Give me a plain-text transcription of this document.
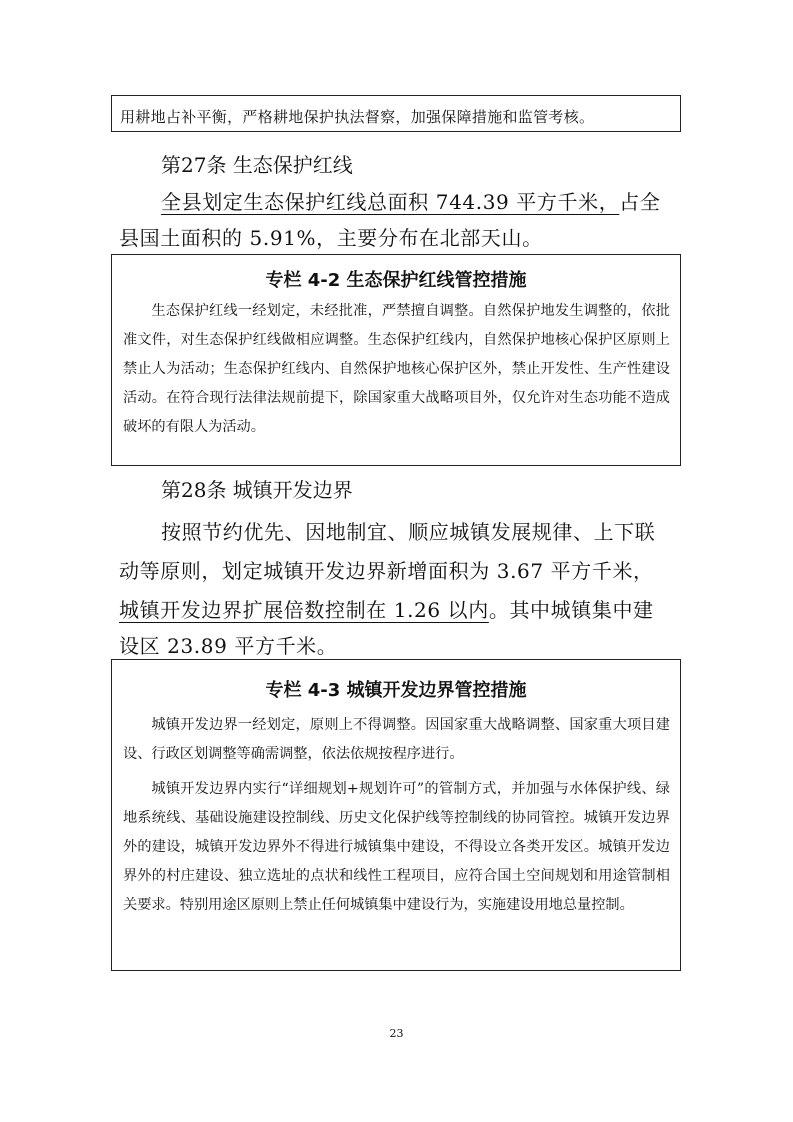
用耕地占补平衡，严格耕地保护执法督察，加强保障措施和监管考核。

第27条 生态保护红线

全县划定生态保护红线总面积 744.39 平方千米，占全

县国土面积的 5.91%，主要分布在北部天山。

专栏 4-2 生态保护红线管控措施

生态保护红线一经划定，未经批准，严禁擅自调整。自然保护地发生调整的，依批准文件，对生态保护红线做相应调整。生态保护红线内，自然保护地核心保护区原则上禁止人为活动；生态保护红线内、自然保护地核心保护区外，禁止开发性、生产性建设活动。在符合现行法律法规前提下，除国家重大战略项目外，仅允许对生态功能不造成破坏的有限人为活动。

第28条 城镇开发边界

按照节约优先、因地制宜、顺应城镇发展规律、上下联

动等原则，划定城镇开发边界新增面积为 3.67 平方千米，

城镇开发边界扩展倍数控制在 1.26 以内。其中城镇集中建

设区 23.89 平方千米。

专栏 4-3 城镇开发边界管控措施

城镇开发边界一经划定，原则上不得调整。因国家重大战略调整、国家重大项目建设、行政区划调整等确需调整，依法依规按程序进行。

城镇开发边界内实行“详细规划+规划许可”的管制方式，并加强与水体保护线、绿地系统线、基础设施建设控制线、历史文化保护线等控制线的协同管控。城镇开发边界外的建设，城镇开发边界外不得进行城镇集中建设，不得设立各类开发区。城镇开发边界外的村庄建设、独立选址的点状和线性工程项目，应符合国土空间规划和用途管制相关要求。特别用途区原则上禁止任何城镇集中建设行为，实施建设用地总量控制。

23
